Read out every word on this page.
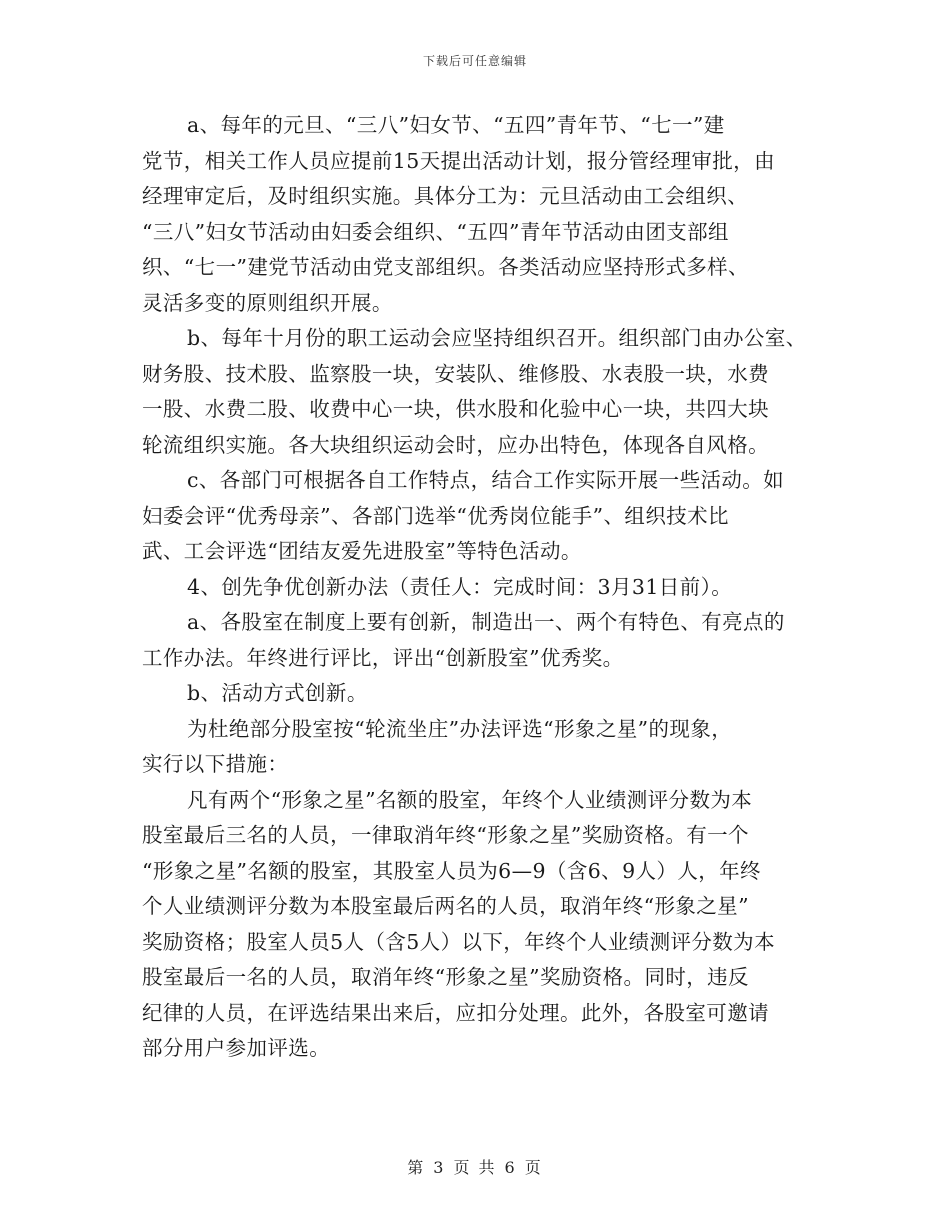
下载后可任意编辑
a、每年的元旦、“三八”妇女节、“五四”青年节、“七一”建
党节，相关工作人员应提前15天提出活动计划，报分管经理审批，由
经理审定后，及时组织实施。具体分工为：元旦活动由工会组织、
“三八”妇女节活动由妇委会组织、“五四”青年节活动由团支部组
织、“七一”建党节活动由党支部组织。各类活动应坚持形式多样、
灵活多变的原则组织开展。
b、每年十月份的职工运动会应坚持组织召开。组织部门由办公室、
财务股、技术股、监察股一块，安装队、维修股、水表股一块，水费
一股、水费二股、收费中心一块，供水股和化验中心一块，共四大块
轮流组织实施。各大块组织运动会时，应办出特色，体现各自风格。
c、各部门可根据各自工作特点，结合工作实际开展一些活动。如
妇委会评“优秀母亲”、各部门选举“优秀岗位能手”、组织技术比
武、工会评选“团结友爱先进股室”等特色活动。
4、创先争优创新办法（责任人：完成时间：3月31日前）。
a、各股室在制度上要有创新，制造出一、两个有特色、有亮点的
工作办法。年终进行评比，评出“创新股室”优秀奖。
b、活动方式创新。
为杜绝部分股室按“轮流坐庄”办法评选“形象之星”的现象，
实行以下措施：
凡有两个“形象之星”名额的股室，年终个人业绩测评分数为本
股室最后三名的人员，一律取消年终“形象之星”奖励资格。有一个
“形象之星”名额的股室，其股室人员为6—9（含6、9人）人，年终
个人业绩测评分数为本股室最后两名的人员，取消年终“形象之星”
奖励资格；股室人员5人（含5人）以下，年终个人业绩测评分数为本
股室最后一名的人员，取消年终“形象之星”奖励资格。同时，违反
纪律的人员，在评选结果出来后，应扣分处理。此外，各股室可邀请
部分用户参加评选。
第 3 页 共 6 页
